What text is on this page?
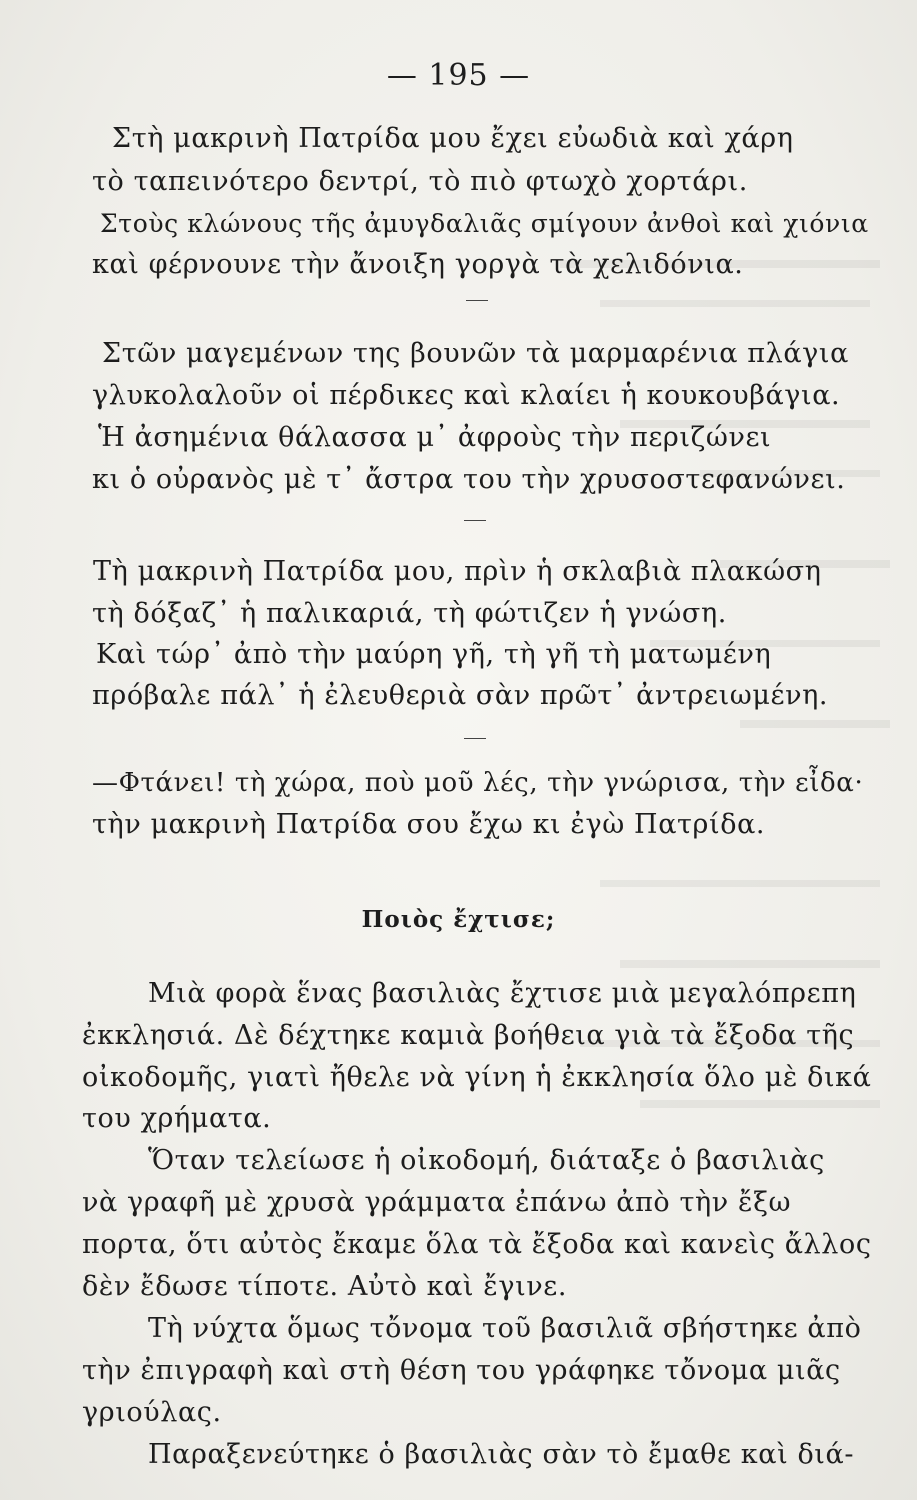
— 195 —
Στὴ μακρινὴ Πατρίδα μου ἔχει εὐωδιὰ καὶ χάρη
τὸ ταπεινότερο δεντρί, τὸ πιὸ φτωχὸ χορτάρι.
Στοὺς κλώνους τῆς ἀμυγδαλιᾶς σμίγουν ἀνθοὶ καὶ χιόνια
καὶ φέρνουνε τὴν ἄνοιξη γοργὰ τὰ χελιδόνια.
Στῶν μαγεμένων της βουνῶν τὰ μαρμαρένια πλάγια
γλυκολαλοῦν οἱ πέρδικες καὶ κλαίει ἡ κουκουβάγια.
Ἡ ἀσημένια θάλασσα μ᾽ ἀφροὺς τὴν περιζώνει
κι ὁ οὐρανὸς μὲ τ᾽ ἄστρα του τὴν χρυσοστεφανώνει.
Τὴ μακρινὴ Πατρίδα μου, πρὶν ἡ σκλαβιὰ πλακώση
τὴ δόξαζ᾽ ἡ παλικαριά, τὴ φώτιζεν ἡ γνώση.
Καὶ τώρ᾽ ἀπὸ τὴν μαύρη γῆ, τὴ γῆ τὴ ματωμένη
πρόβαλε πάλ᾽ ἡ ἐλευθεριὰ σὰν πρῶτ᾽ ἀντρειωμένη.
—Φτάνει! τὴ χώρα, ποὺ μοῦ λές, τὴν γνώρισα, τὴν εἶδα·
τὴν μακρινὴ Πατρίδα σου ἔχω κι ἐγὼ Πατρίδα.
Ποιὸς ἔχτισε;
Μιὰ φορὰ ἕνας βασιλιὰς ἔχτισε μιὰ μεγαλόπρεπη
ἐκκλησιά. Δὲ δέχτηκε καμιὰ βοήθεια γιὰ τὰ ἔξοδα τῆς
οἰκοδομῆς, γιατὶ ἤθελε νὰ γίνη ἡ ἐκκλησία ὅλο μὲ δικά
του χρήματα.
Ὅταν τελείωσε ἡ οἰκοδομή, διάταξε ὁ βασιλιὰς
νὰ γραφῆ μὲ χρυσὰ γράμματα ἐπάνω ἀπὸ τὴν ἔξω
πορτα, ὅτι αὐτὸς ἔκαμε ὅλα τὰ ἔξοδα καὶ κανεὶς ἄλλος
δὲν ἔδωσε τίποτε. Αὐτὸ καὶ ἔγινε.
Τὴ νύχτα ὅμως τὄνομα τοῦ βασιλιᾶ σβήστηκε ἀπὸ
τὴν ἐπιγραφὴ καὶ στὴ θέση του γράφηκε τὄνομα μιᾶς
γριούλας.
Παραξενεύτηκε ὁ βασιλιὰς σὰν τὸ ἔμαθε καὶ διά-
